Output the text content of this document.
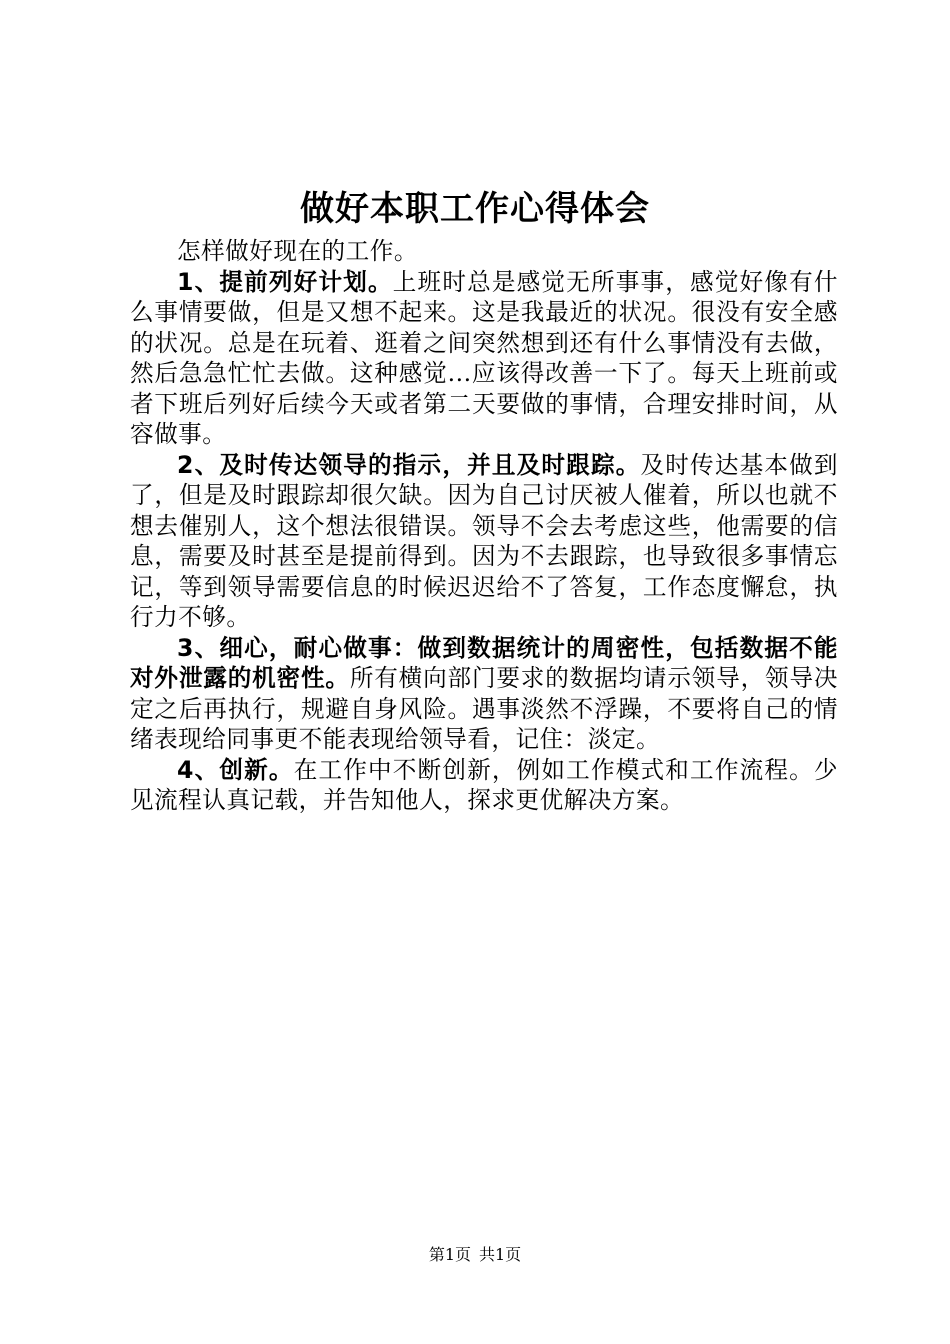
做好本职工作心得体会

怎样做好现在的工作。

1、提前列好计划。上班时总是感觉无所事事，感觉好像有什么事情要做，但是又想不起来。这是我最近的状况。很没有安全感的状况。总是在玩着、逛着之间突然想到还有什么事情没有去做，然后急急忙忙去做。这种感觉...应该得改善一下了。每天上班前或者下班后列好后续今天或者第二天要做的事情，合理安排时间，从容做事。

2、及时传达领导的指示，并且及时跟踪。及时传达基本做到了，但是及时跟踪却很欠缺。因为自己讨厌被人催着，所以也就不想去催别人，这个想法很错误。领导不会去考虑这些，他需要的信息，需要及时甚至是提前得到。因为不去跟踪，也导致很多事情忘记，等到领导需要信息的时候迟迟给不了答复，工作态度懈怠，执行力不够。

3、细心，耐心做事：做到数据统计的周密性，包括数据不能对外泄露的机密性。所有横向部门要求的数据均请示领导，领导决定之后再执行，规避自身风险。遇事淡然不浮躁，不要将自己的情绪表现给同事更不能表现给领导看，记住：淡定。

4、创新。在工作中不断创新，例如工作模式和工作流程。少见流程认真记载，并告知他人，探求更优解决方案。

第1页 共1页
